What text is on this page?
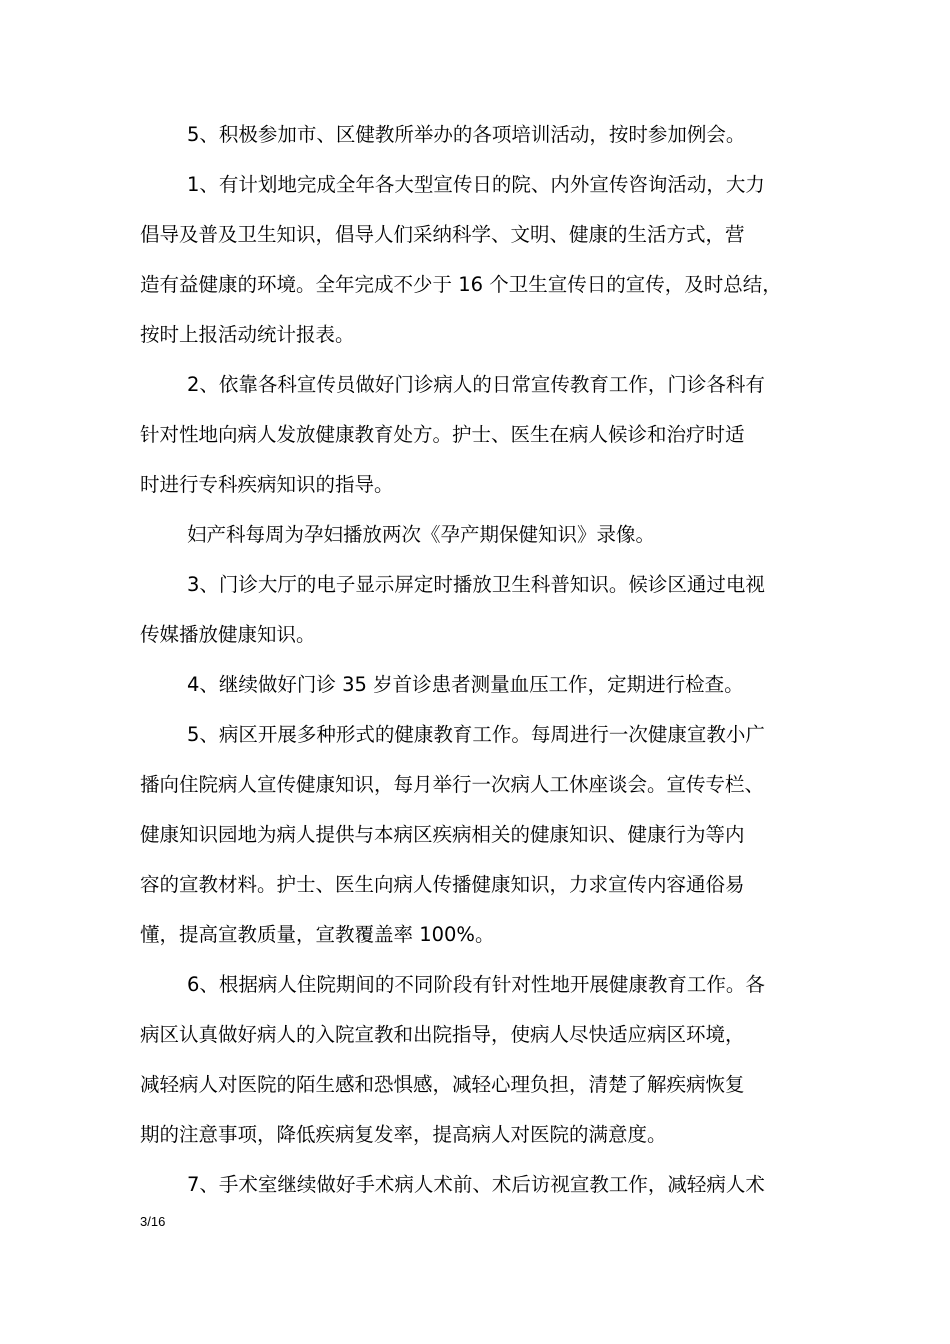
5、积极参加市、区健教所举办的各项培训活动，按时参加例会。

1、有计划地完成全年各大型宣传日的院、内外宣传咨询活动，大力
倡导及普及卫生知识，倡导人们采纳科学、文明、健康的生活方式，营
造有益健康的环境。全年完成不少于 16 个卫生宣传日的宣传，及时总结，
按时上报活动统计报表。

2、依靠各科宣传员做好门诊病人的日常宣传教育工作，门诊各科有
针对性地向病人发放健康教育处方。护士、医生在病人候诊和治疗时适
时进行专科疾病知识的指导。

妇产科每周为孕妇播放两次《孕产期保健知识》录像。

3、门诊大厅的电子显示屏定时播放卫生科普知识。候诊区通过电视
传媒播放健康知识。

4、继续做好门诊 35 岁首诊患者测量血压工作，定期进行检查。

5、病区开展多种形式的健康教育工作。每周进行一次健康宣教小广
播向住院病人宣传健康知识，每月举行一次病人工休座谈会。宣传专栏、
健康知识园地为病人提供与本病区疾病相关的健康知识、健康行为等内
容的宣教材料。护士、医生向病人传播健康知识，力求宣传内容通俗易
懂，提高宣教质量，宣教覆盖率 100%。

6、根据病人住院期间的不同阶段有针对性地开展健康教育工作。各
病区认真做好病人的入院宣教和出院指导，使病人尽快适应病区环境，
减轻病人对医院的陌生感和恐惧感，减轻心理负担，清楚了解疾病恢复
期的注意事项，降低疾病复发率，提高病人对医院的满意度。

7、手术室继续做好手术病人术前、术后访视宣教工作，减轻病人术

3/16
